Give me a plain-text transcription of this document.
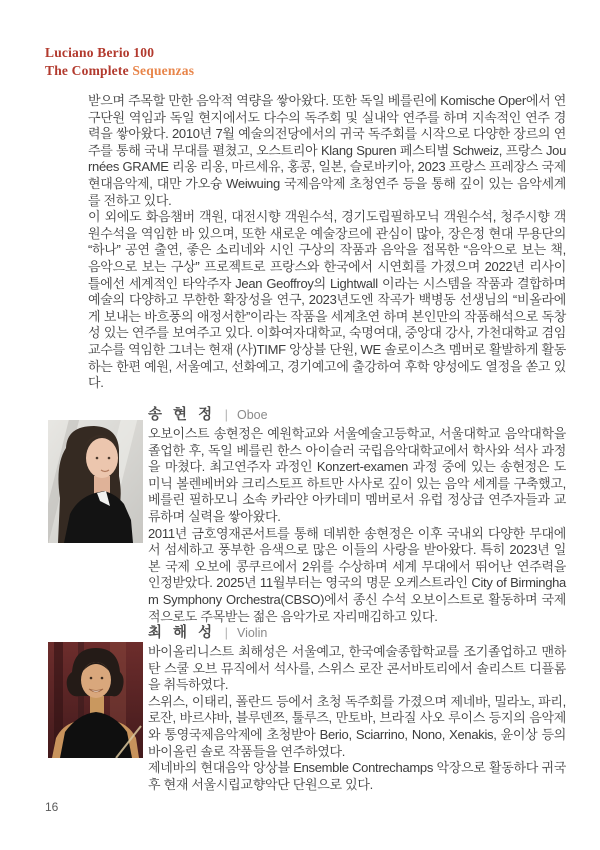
Luciano Berio 100
The Complete Sequenzas

받으며 주목할 만한 음악적 역량을 쌓아왔다. 또한 독일 베를린에 Komische Oper에서 연구단원 역임과 독일 현지에서도 다수의 독주회 및 실내악 연주를 하며 지속적인 연주 경력을 쌓아왔다. 2010년 7월 예술의전당에서의 귀국 독주회를 시작으로 다양한 장르의 연주를 통해 국내 무대를 펼쳤고, 오스트리아 Klang Spuren 페스티벌 Schweiz, 프랑스 Journées GRAME 리옹 리옹, 마르세유, 홍콩, 일본, 슬로바키아, 2023 프랑스 프레장스 국제현대음악제, 대만 가오슝 Weiwuing 국제음악제 초청연주 등을 통해 깊이 있는 음악세계를 전하고 있다.

이 외에도 화음챔버 객원, 대전시향 객원수석, 경기도립필하모닉 객원수석, 청주시향 객원수석을 역임한 바 있으며, 또한 새로운 예술장르에 관심이 많아, 장은정 현대 무용단의 “하나” 공연 출연, 좋은 소리네와 시인 구상의 작품과 음악을 접목한 “음악으로 보는 책, 음악으로 보는 구상” 프로젝트로 프랑스와 한국에서 시연회를 가졌으며 2022년 리사이틀에선 세계적인 타악주자 Jean Geoffroy의 Lightwall 이라는 시스템을 작품과 결합하며 예술의 다양하고 무한한 확장성을 연구, 2023년도엔 작곡가 백병동 선생님의 “비올라에게 보내는 바흐풍의 애정서한”이라는 작품을 세계초연 하며 본인만의 작품해석으로 독창성 있는 연주를 보여주고 있다. 이화여자대학교, 숙명여대, 중앙대 강사, 가천대학교 겸임교수를 역임한 그녀는 현재 (사)TIMF 앙상블 단원, WE 솔로이스츠 멤버로 활발하게 활동하는 한편 예원, 서울예고, 선화예고, 경기예고에 출강하여 후학 양성에도 열정을 쏟고 있다.

송 현 정 | Oboe

오보이스트 송현정은 예원학교와 서울예술고등학교, 서울대학교 음악대학을 졸업한 후, 독일 베를린 한스 아이슬러 국립음악대학교에서 학사와 석사 과정을 마쳤다. 최고연주자 과정인 Konzert-examen 과정 중에 있는 송현정은 도미닉 볼렌베버와 크리스토프 하트만 사사로 깊이 있는 음악 세계를 구축했고, 베를린 필하모니 소속 카라얀 아카데미 멤버로서 유럽 정상급 연주자들과 교류하며 실력을 쌓아왔다.

2011년 금호영재콘서트를 통해 데뷔한 송현정은 이후 국내외 다양한 무대에서 섬세하고 풍부한 음색으로 많은 이들의 사랑을 받아왔다. 특히 2023년 일본 국제 오보에 콩쿠르에서 2위를 수상하며 세계 무대에서 뛰어난 연주력을 인정받았다. 2025년 11월부터는 영국의 명문 오케스트라인 City of Birmingham Symphony Orchestra(CBSO)에서 종신 수석 오보이스트로 활동하며 국제적으로도 주목받는 젊은 음악가로 자리매김하고 있다.

최 해 성 | Violin

바이올리니스트 최해성은 서울예고, 한국예술종합학교를 조기졸업하고 맨하탄 스쿨 오브 뮤직에서 석사를, 스위스 로잔 콘서바토리에서 솔리스트 디플롬을 취득하였다.

스위스, 이태리, 폴란드 등에서 초청 독주회를 가졌으며 제네바, 밀라노, 파리, 로잔, 바르샤바, 블루덴쯔, 툴루즈, 만토바, 브라질 사오 루이스 등지의 음악제와 통영국제음악제에 초청받아 Berio, Sciarrino, Nono, Xenakis, 윤이상 등의 바이올린 솔로 작품들을 연주하였다.

제네바의 현대음악 앙상블 Ensemble Contrechamps 악장으로 활동하다 귀국 후 현재 서울시립교향악단 단원으로 있다.

16
